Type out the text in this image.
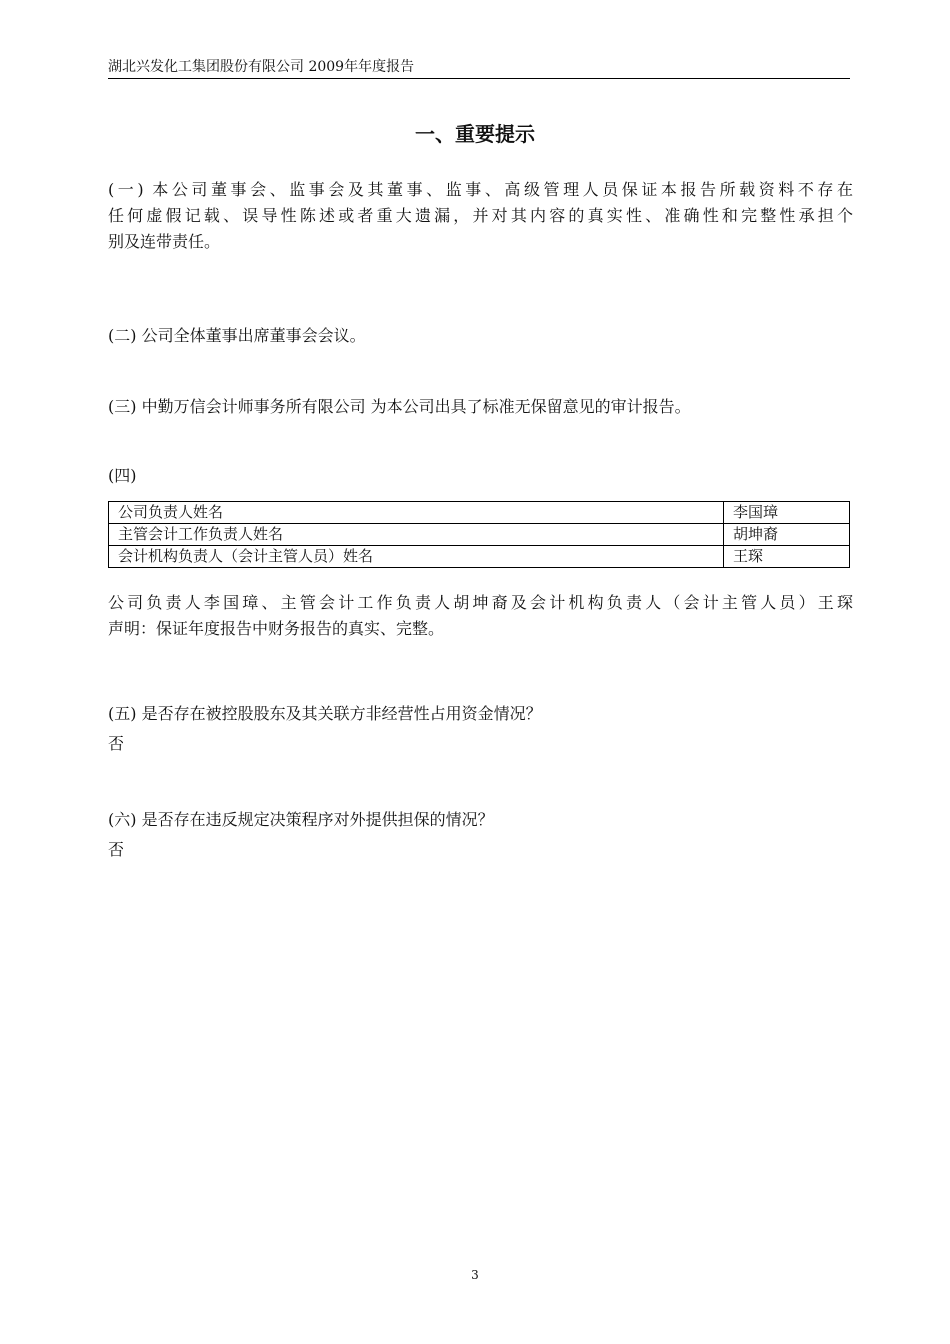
湖北兴发化工集团股份有限公司 2009年年度报告
一、重要提示
(一) 本公司董事会、监事会及其董事、监事、高级管理人员保证本报告所载资料不存在
任何虚假记载、误导性陈述或者重大遗漏，并对其内容的真实性、准确性和完整性承担个
别及连带责任。
(二) 公司全体董事出席董事会会议。
(三) 中勤万信会计师事务所有限公司 为本公司出具了标准无保留意见的审计报告。
(四)
公司负责人姓名	李国璋
主管会计工作负责人姓名	胡坤裔
会计机构负责人（会计主管人员）姓名	王琛
公司负责人李国璋、主管会计工作负责人胡坤裔及会计机构负责人（会计主管人员）王琛
声明：保证年度报告中财务报告的真实、完整。
(五) 是否存在被控股股东及其关联方非经营性占用资金情况？
否
(六) 是否存在违反规定决策程序对外提供担保的情况？
否
3
